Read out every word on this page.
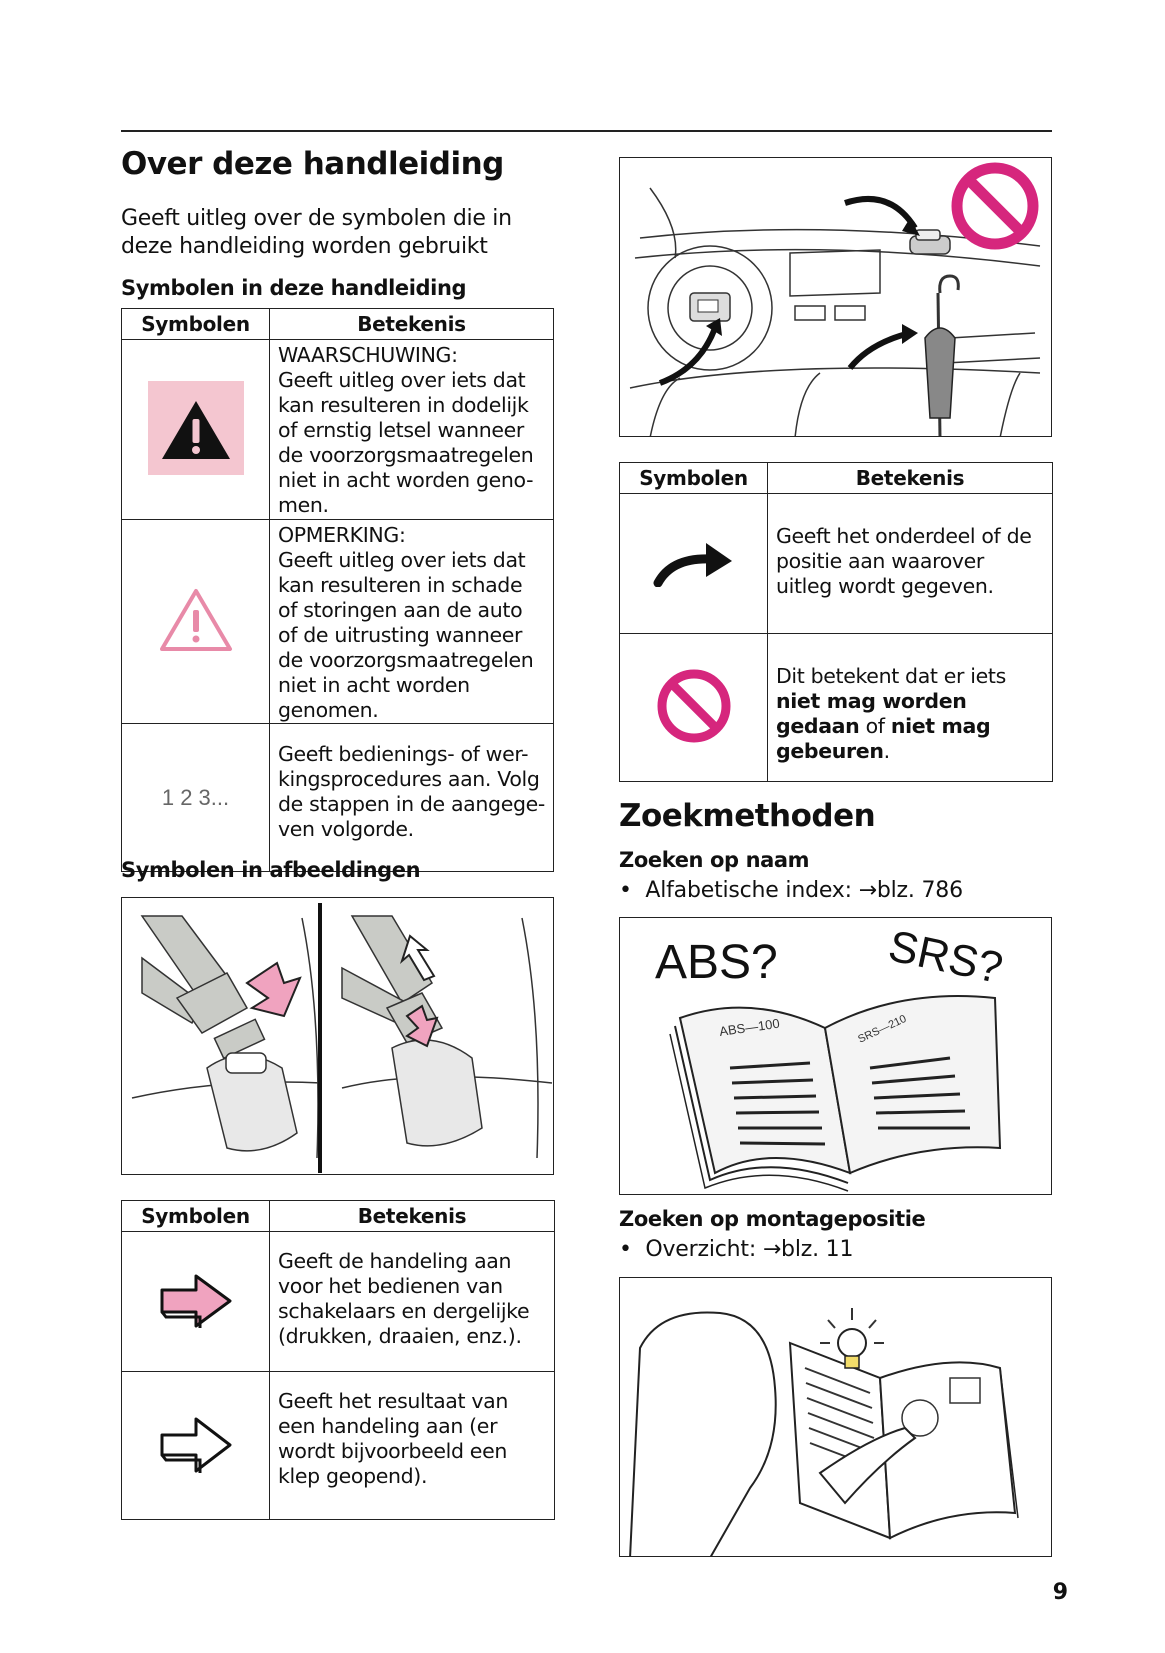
Over deze handleiding
Geeft uitleg over de symbolen die in deze handleiding worden gebruikt
Symbolen in deze handleiding
Symbolen	Betekenis

WAARSCHUWING:
Geeft uitleg over iets dat kan resulteren in dodelijk of ernstig letsel wanneer de voorzorgsmaatregelen niet in acht worden geno-men.

OPMERKING:
Geeft uitleg over iets dat kan resulteren in schade of storingen aan de auto of de uitrusting wanneer de voorzorgsmaatregelen niet in acht worden genomen.

1 2 3...	Geeft bedienings- of wer-kingsprocedures aan. Volg de stappen in de aangege-ven volgorde.
Symbolen in afbeeldingen
Symbolen	Betekenis

Geeft de handeling aan voor het bedienen van schakelaars en dergelijke (drukken, draaien, enz.).

Geeft het resultaat van een handeling aan (er wordt bijvoorbeeld een klep geopend).
Symbolen	Betekenis

Geeft het onderdeel of de positie aan waarover uitleg wordt gegeven.

	Dit betekent dat er iets niet mag worden gedaan of niet mag gebeuren.
Zoekmethoden
Zoeken op naam
•  Alfabetische index: →blz. 786
ABS? SRS?
ABS—100	SRS—210
Zoeken op montagepositie
•  Overzicht: →blz. 11
9
